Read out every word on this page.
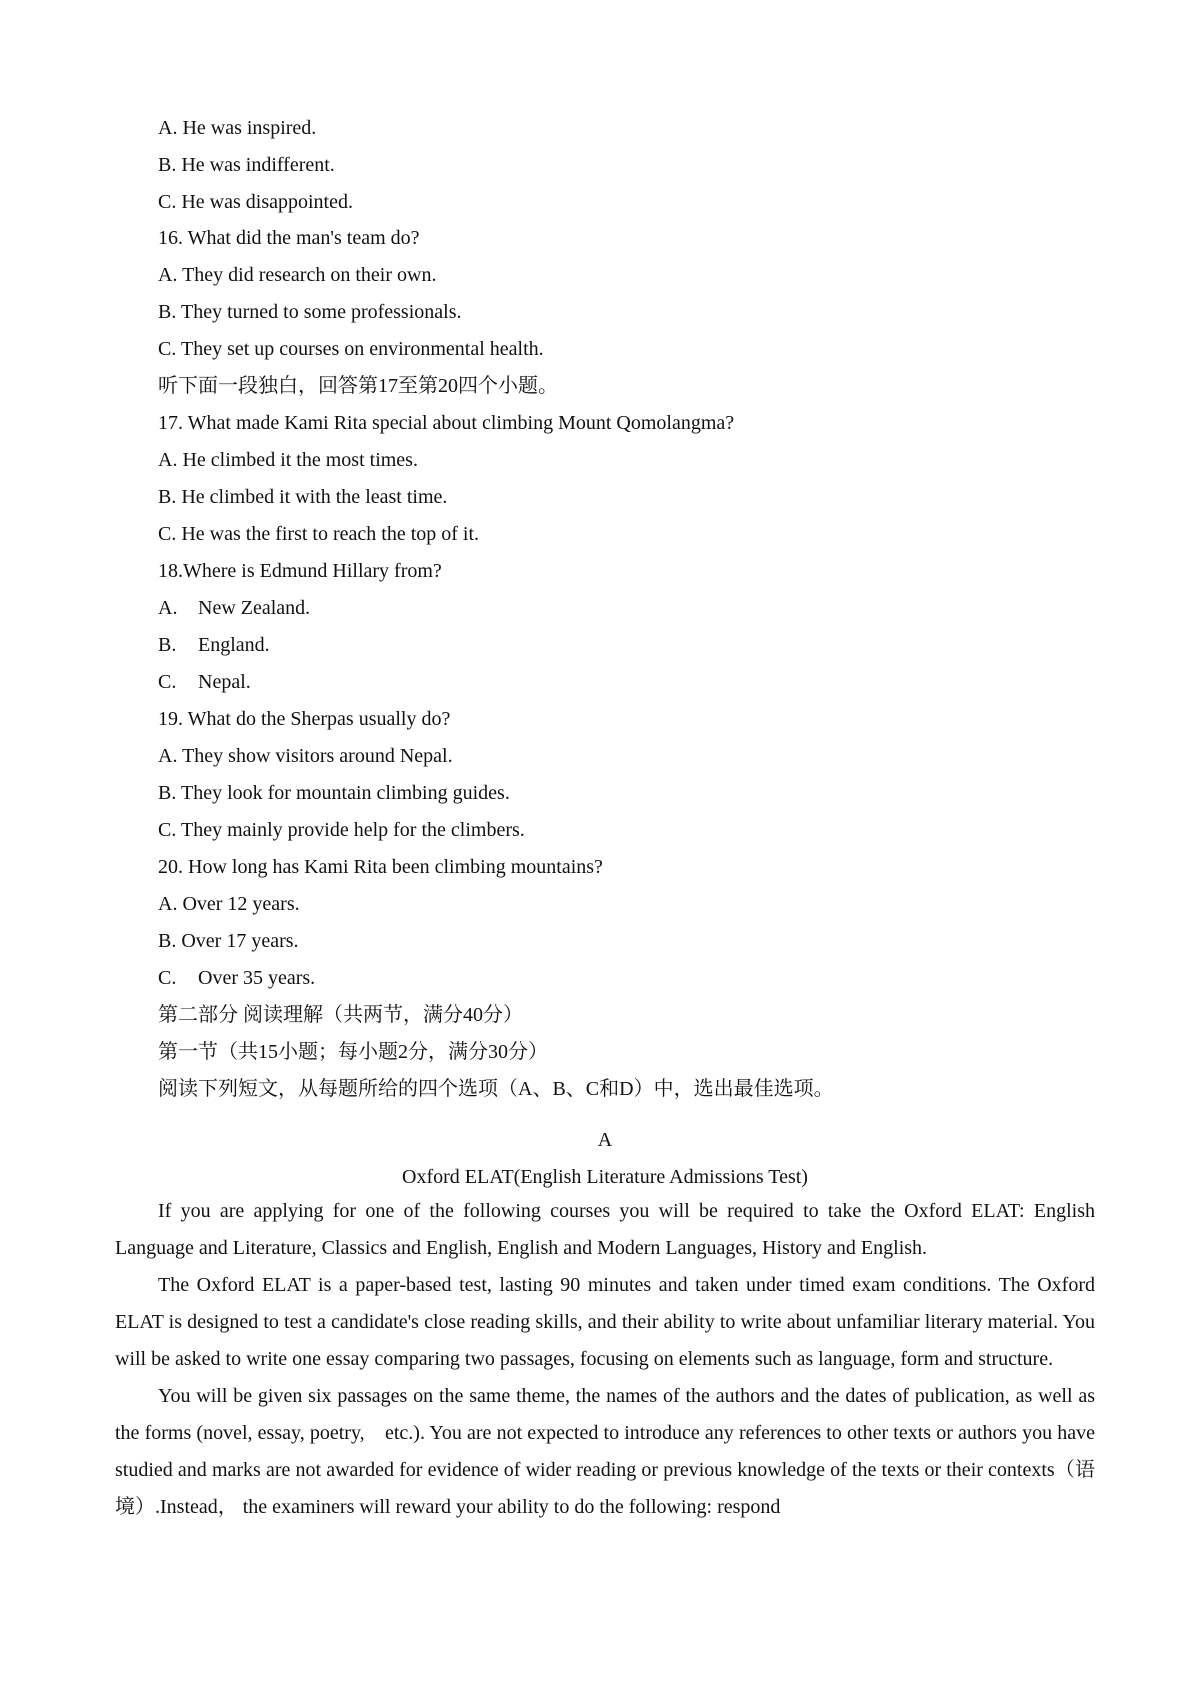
A. He was inspired.
B. He was indifferent.
C. He was disappointed.
16. What did the man's team do?
A. They did research on their own.
B. They turned to some professionals.
C. They set up courses on environmental health.
听下面一段独白，回答第17至第20四个小题。
17. What made Kami Rita special about climbing Mount Qomolangma?
A. He climbed it the most times.
B. He climbed it with the least time.
C. He was the first to reach the top of it.
18.Where is Edmund Hillary from?
A. New Zealand.
B. England.
C. Nepal.
19. What do the Sherpas usually do?
A. They show visitors around Nepal.
B. They look for mountain climbing guides.
C. They mainly provide help for the climbers.
20. How long has Kami Rita been climbing mountains?
A. Over 12 years.
B. Over 17 years.
C. Over 35 years.
第二部分 阅读理解（共两节，满分40分）
第一节（共15小题；每小题2分，满分30分）
阅读下列短文，从每题所给的四个选项（A、B、C和D）中，选出最佳选项。
A
Oxford ELAT(English Literature Admissions Test)

If you are applying for one of the following courses you will be required to take the Oxford ELAT: English Language and Literature, Classics and English, English and Modern Languages, History and English.

The Oxford ELAT is a paper-based test, lasting 90 minutes and taken under timed exam conditions. The Oxford ELAT is designed to test a candidate's close reading skills, and their ability to write about unfamiliar literary material. You will be asked to write one essay comparing two passages, focusing on elements such as language, form and structure.

You will be given six passages on the same theme, the names of the authors and the dates of publication, as well as the forms (novel, essay, poetry,　etc.). You are not expected to introduce any references to other texts or authors you have studied and marks are not awarded for evidence of wider reading or previous knowledge of the texts or their contexts（语境）.Instead， the examiners will reward your ability to do the following: respond
